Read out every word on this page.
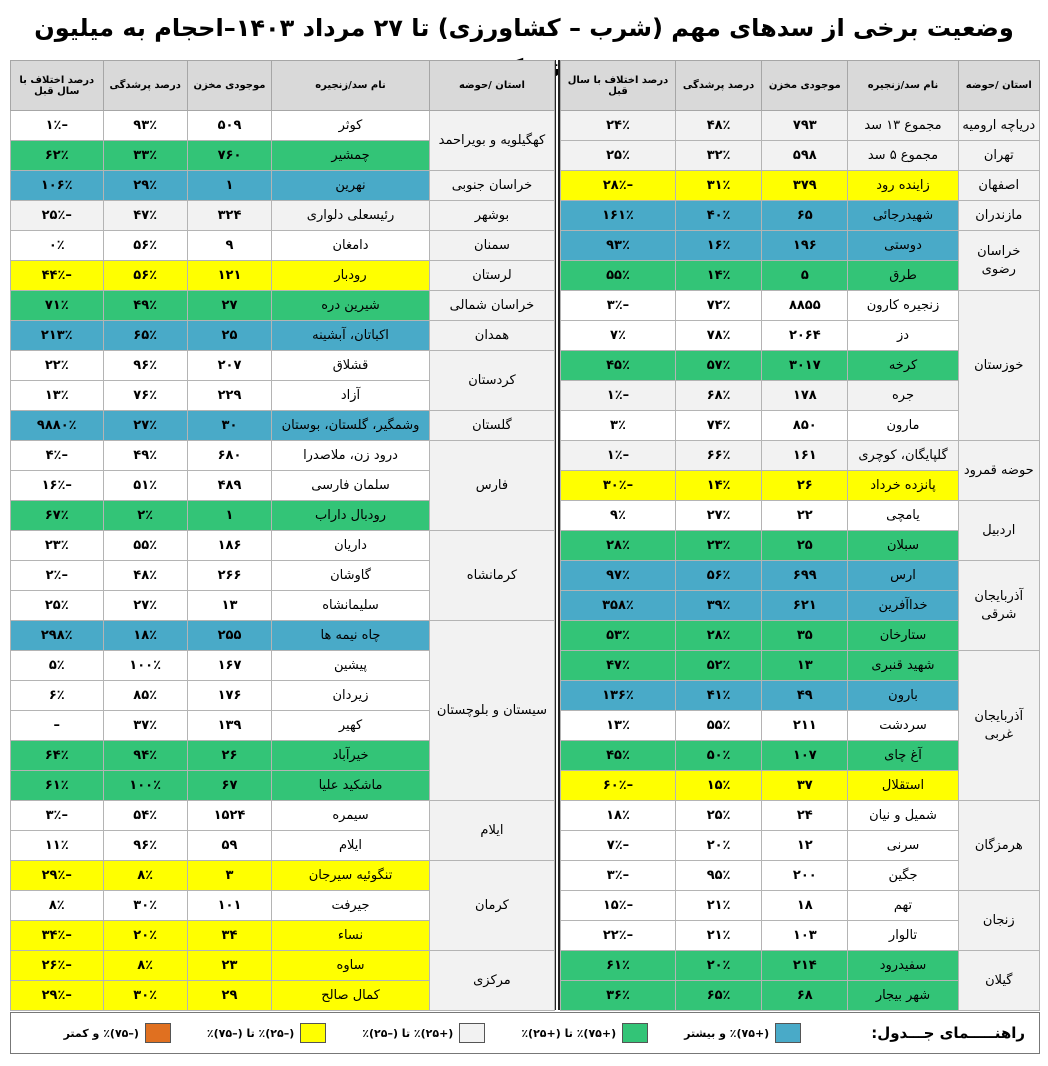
وضعیت برخی از سدهای مهم (شرب – کشاورزی) تا ۲۷ مرداد ۱۴۰۳–احجام به میلیون
استان /حوضه	نام سد/زنجیره	موجودی مخزن	درصد پرشدگی	درصد اختلاف با سال قبل
دریاچه ارومیه	مجموع ۱۳ سد	۷۹۳	۴۸٪	۲۴٪
تهران	مجموع ۵ سد	۵۹۸	۳۲٪	۲۵٪
اصفهان	زاینده رود	۳۷۹	۳۱٪	–۲۸٪
مازندران	شهیدرجائی	۶۵	۴۰٪	۱۶۱٪
خراسان رضوی	دوستی	۱۹۶	۱۶٪	۹۳٪
	طرق	۵	۱۴٪	۵۵٪
خوزستان	زنجیره کارون	۸۸۵۵	۷۲٪	–۳٪
	دز	۲۰۶۴	۷۸٪	۷٪
	کرخه	۳۰۱۷	۵۷٪	۴۵٪
	جره	۱۷۸	۶۸٪	–۱٪
	مارون	۸۵۰	۷۴٪	۳٪
حوضه قمرود	گلپایگان، کوچری	۱۶۱	۶۶٪	–۱٪
	پانزده خرداد	۲۶	۱۴٪	–۳۰٪
اردبیل	یامچی	۲۲	۲۷٪	۹٪
	سبلان	۲۵	۲۳٪	۲۸٪
آذربایجان شرقی	ارس	۶۹۹	۵۶٪	۹۷٪
	خداآفرین	۶۲۱	۳۹٪	۳۵۸٪
	ستارخان	۳۵	۲۸٪	۵۳٪
آذربایجان غربی	شهید قنبری	۱۳	۵۲٪	۴۷٪
	بارون	۴۹	۴۱٪	۱۳۶٪
	سردشت	۲۱۱	۵۵٪	۱۳٪
	آغ چای	۱۰۷	۵۰٪	۴۵٪
	استقلال	۳۷	۱۵٪	–۶۰٪
هرمزگان	شمیل و نیان	۲۴	۲۵٪	۱۸٪
	سرنی	۱۲	۲۰٪	–۷٪
	جگین	۲۰۰	۹۵٪	–۳٪
زنجان	تهم	۱۸	۲۱٪	–۱۵٪
	تالوار	۱۰۳	۲۱٪	–۲۲٪
گیلان	سفیدرود	۲۱۴	۲۰٪	۶۱٪
	شهر بیجار	۶۸	۶۵٪	۳۶٪
استان /حوضه	نام سد/زنجیره	موجودی مخزن	درصد پرشدگی	درصد اختلاف با سال قبل
کهگیلویه و بویراحمد	کوثر	۵۰۹	۹۳٪	–۱٪
	چمشیر	۷۶۰	۳۳٪	۶۲٪
خراسان جنوبی	نهرین	۱	۲۹٪	۱۰۶٪
بوشهر	رئیسعلی دلواری	۳۲۴	۴۷٪	–۲۵٪
سمنان	دامغان	۹	۵۶٪	۰٪
لرستان	رودبار	۱۲۱	۵۶٪	–۴۴٪
خراسان شمالی	شیرین دره	۲۷	۴۹٪	۷۱٪
همدان	اکباتان، آبشینه	۲۵	۶۵٪	۲۱۳٪
کردستان	قشلاق	۲۰۷	۹۶٪	۲۲٪
	آزاد	۲۲۹	۷۶٪	۱۳٪
گلستان	وشمگیر، گلستان، بوستان	۳۰	۲۷٪	۹۸۸۰٪
فارس	درود زن، ملاصدرا	۶۸۰	۴۹٪	–۴٪
	سلمان فارسی	۴۸۹	۵۱٪	–۱۶٪
	رودبال داراب	۱	۲٪	۶۷٪
کرمانشاه	داریان	۱۸۶	۵۵٪	۲۳٪
	گاوشان	۲۶۶	۴۸٪	–۲٪
	سلیمانشاه	۱۳	۲۷٪	۲۵٪
سیستان و بلوچستان	چاه نیمه ها	۲۵۵	۱۸٪	۲۹۸٪
	پیشین	۱۶۷	۱۰۰٪	۵٪
	زیردان	۱۷۶	۸۵٪	۶٪
	کهیر	۱۳۹	۳۷٪	–
	خیرآباد	۲۶	۹۴٪	۶۴٪
	ماشکید علیا	۶۷	۱۰۰٪	۶۱٪
ایلام	سیمره	۱۵۲۴	۵۴٪	–۳٪
	ایلام	۵۹	۹۶٪	۱۱٪
کرمان	تنگوئیه سیرجان	۳	۸٪	–۲۹٪
	جیرفت	۱۰۱	۳۰٪	۸٪
	نساء	۳۴	۲۰٪	–۳۴٪
مرکزی	ساوه	۲۳	۸٪	–۲۶٪
	کمال صالح	۲۹	۳۰٪	–۲۹٪
راهنـــــمای جـــدول:
(+۷۵)٪ و بیشتر
(+۷۵)٪ تا (+۲۵)٪
(+۲۵)٪ تا (–۲۵)٪
(–۲۵)٪ تا (–۷۵)٪
(–۷۵)٪ و کمتر
